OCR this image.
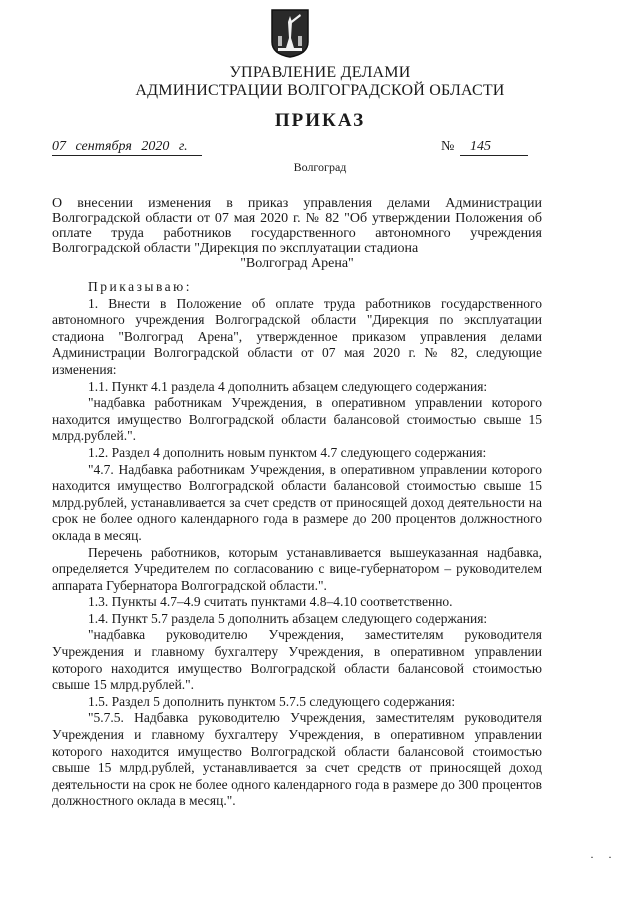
УПРАВЛЕНИЕ ДЕЛАМИ
АДМИНИСТРАЦИИ ВОЛГОГРАДСКОЙ ОБЛАСТИ
ПРИКАЗ
07 сентября 2020 г.	№	145
Волгоград
О внесении изменения в приказ управления делами Администрации Волгоградской области от 07 мая 2020 г. № 82 "Об утверждении Положения об оплате труда работников государственного автономного учреждения Волгоградской области "Дирекция по эксплуатации стадиона
"Волгоград Арена"

Приказываю:

1. Внести в Положение об оплате труда работников государственного автономного учреждения Волгоградской области "Дирекция по эксплуатации стадиона "Волгоград Арена", утвержденное приказом управления делами Администрации Волгоградской области от 07 мая 2020 г. № 82, следующие изменения:

1.1. Пункт 4.1 раздела 4 дополнить абзацем следующего содержания:

"надбавка работникам Учреждения, в оперативном управлении которого находится имущество Волгоградской области балансовой стоимостью свыше 15 млрд.рублей.".

1.2. Раздел 4 дополнить новым пунктом 4.7 следующего содержания:

"4.7. Надбавка работникам Учреждения, в оперативном управлении которого находится имущество Волгоградской области балансовой стоимостью свыше 15 млрд.рублей, устанавливается за счет средств от приносящей доход деятельности на срок не более одного календарного года в размере до 200 процентов должностного оклада в месяц.

Перечень работников, которым устанавливается вышеуказанная надбавка, определяется Учредителем по согласованию с вице-губернатором – руководителем аппарата Губернатора Волгоградской области.".

1.3. Пункты 4.7–4.9 считать пунктами 4.8–4.10 соответственно.

1.4. Пункт 5.7 раздела 5 дополнить абзацем следующего содержания:

"надбавка руководителю Учреждения, заместителям руководителя Учреждения и главному бухгалтеру Учреждения, в оперативном управлении которого находится имущество Волгоградской области балансовой стоимостью свыше 15 млрд.рублей.".

1.5. Раздел 5 дополнить пунктом 5.7.5 следующего содержания:

"5.7.5. Надбавка руководителю Учреждения, заместителям руководителя Учреждения и главному бухгалтеру Учреждения, в оперативном управлении которого находится имущество Волгоградской области балансовой стоимостью свыше 15 млрд.рублей, устанавливается за счет средств от приносящей доход деятельности на срок не более одного календарного года в размере до 300 процентов должностного оклада в месяц.".

··
